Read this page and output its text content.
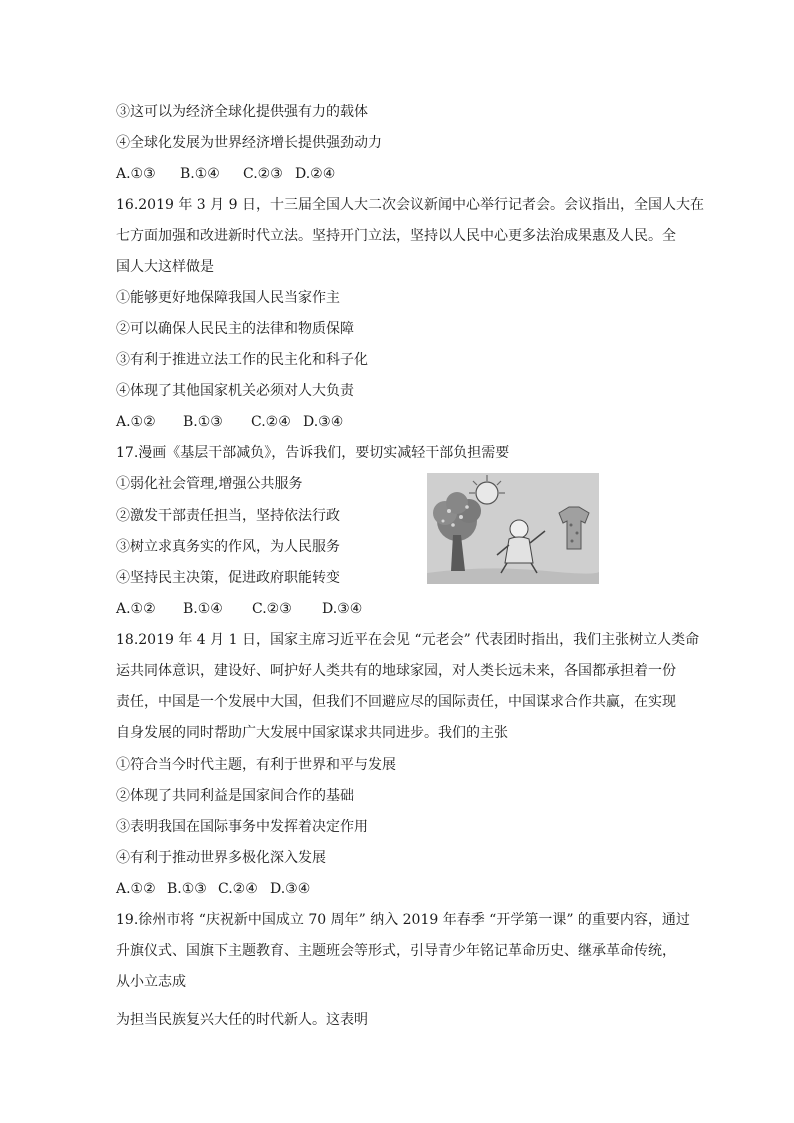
③这可以为经济全球化提供强有力的载体
④全球化发展为世界经济增长提供强劲动力
A.①③ B.①④ C.②③ D.②④
16.2019 年 3 月 9 日，十三届全国人大二次会议新闻中心举行记者会。会议指出，全国人大在
七方面加强和改进新时代立法。坚持开门立法，坚持以人民中心更多法治成果惠及人民。全
国人大这样做是
①能够更好地保障我国人民当家作主
②可以确保人民民主的法律和物质保障
③有利于推进立法工作的民主化和科子化
④体现了其他国家机关必须对人大负责
A.①② B.①③ C.②④ D.③④
17.漫画《基层干部减负》，告诉我们，要切实减轻干部负担需要
①弱化社会管理,增强公共服务
②激发干部责任担当，坚持依法行政
③树立求真务实的作风，为人民服务
④坚持民主决策，促进政府职能转变
A.①② B.①④ C.②③ D.③④
18.2019 年 4 月 1 日，国家主席习近平在会见 “元老会” 代表团时指出，我们主张树立人类命
运共同体意识，建设好、呵护好人类共有的地球家园，对人类长远未来，各国都承担着一份
责任，中国是一个发展中大国，但我们不回避应尽的国际责任，中国谋求合作共赢，在实现
自身发展的同时帮助广大发展中国家谋求共同进步。我们的主张
①符合当今时代主题，有利于世界和平与发展
②体现了共同利益是国家间合作的基础
③表明我国在国际事务中发挥着决定作用
④有利于推动世界多极化深入发展
A.①② B.①③ C.②④ D.③④
19.徐州市将 “庆祝新中国成立 70 周年” 纳入 2019 年春季 “开学第一课” 的重要内容，通过
升旗仪式、国旗下主题教育、主题班会等形式，引导青少年铭记革命历史、继承革命传统，
从小立志成
为担当民族复兴大任的时代新人。这表明
